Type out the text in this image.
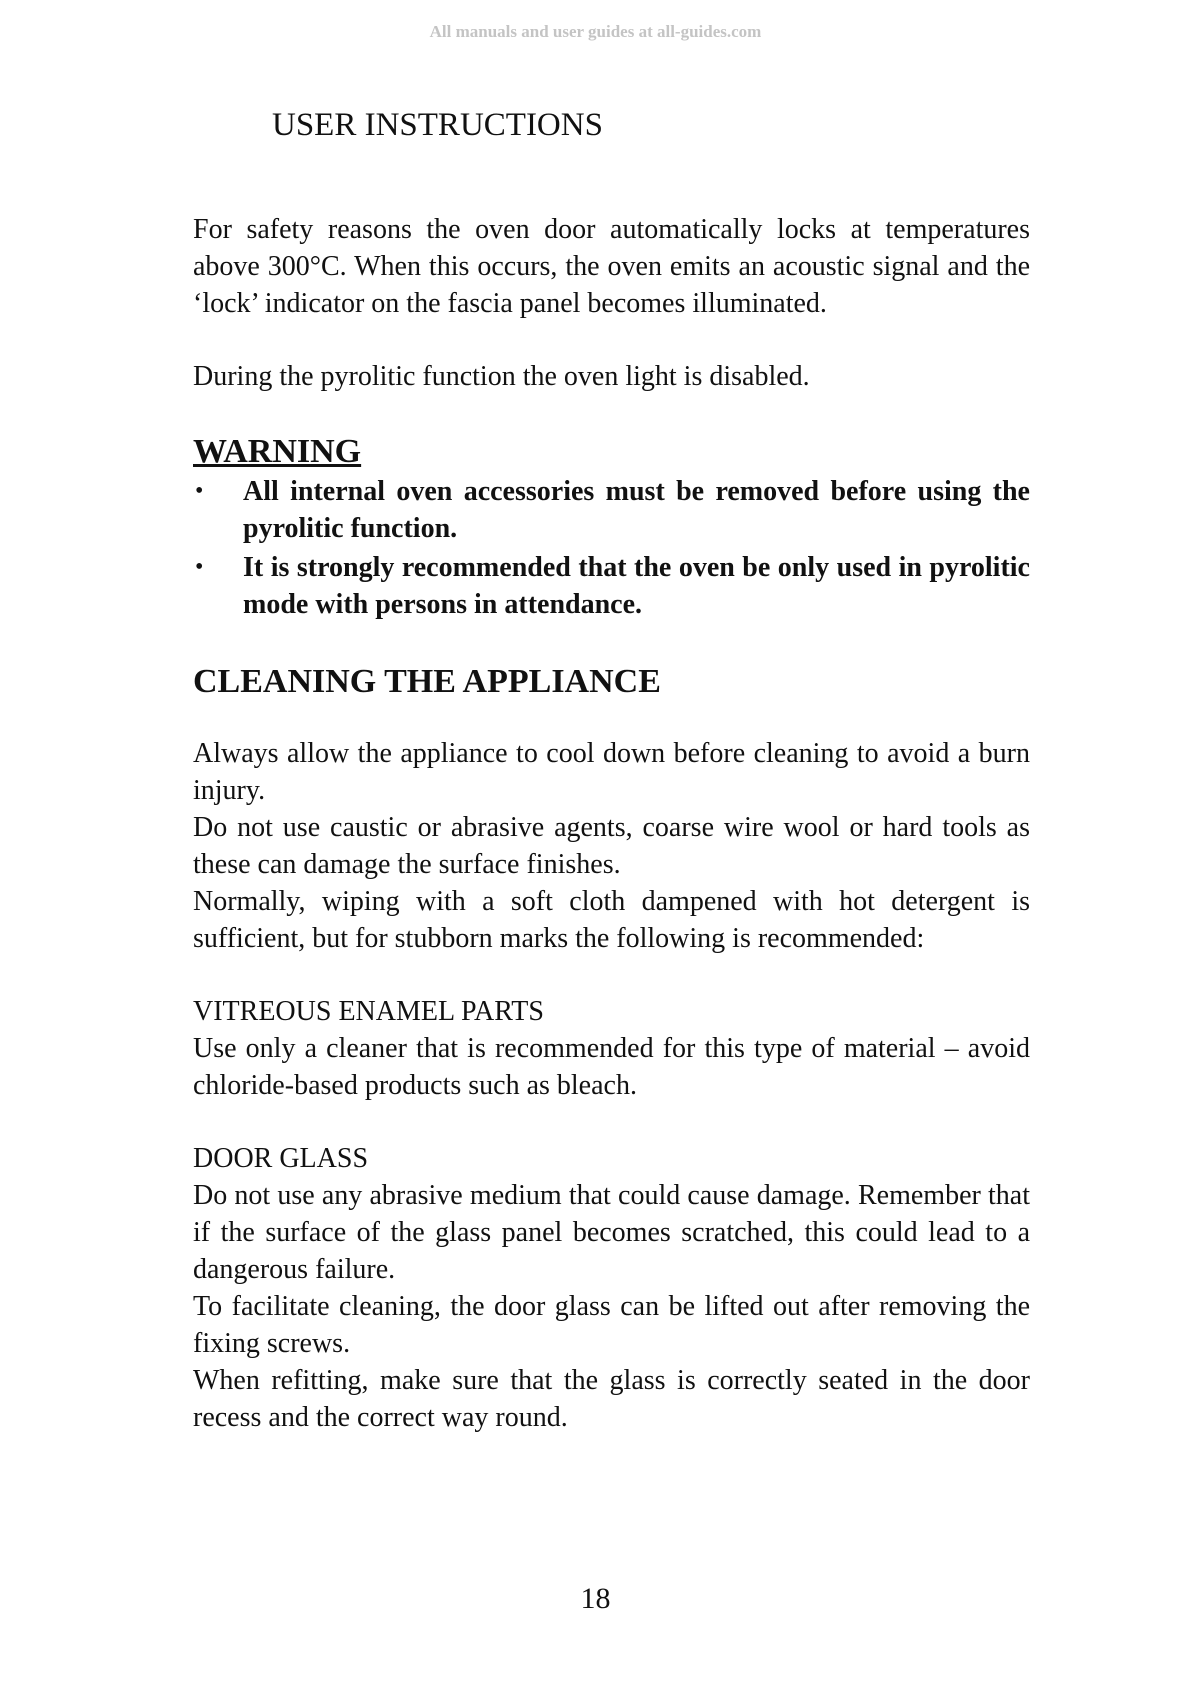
All manuals and user guides at all-guides.com
USER INSTRUCTIONS

For safety reasons the oven door automatically locks at temperatures above 300°C. When this occurs, the oven emits an acoustic signal and the ‘lock’ indicator on the fascia panel becomes illuminated.

During the pyrolitic function the oven light is disabled.

WARNING
• All internal oven accessories must be removed before using the pyrolitic function.
• It is strongly recommended that the oven be only used in pyrolitic mode with persons in attendance.
CLEANING THE APPLIANCE

Always allow the appliance to cool down before cleaning to avoid a burn injury.

Do not use caustic or abrasive agents, coarse wire wool or hard tools as these can damage the surface finishes.

Normally, wiping with a soft cloth dampened with hot detergent is sufficient, but for stubborn marks the following is recommended:

VITREOUS ENAMEL PARTS

Use only a cleaner that is recommended for this type of material – avoid chloride-based products such as bleach.

DOOR GLASS

Do not use any abrasive medium that could cause damage. Remember that if the surface of the glass panel becomes scratched, this could lead to a dangerous failure.

To facilitate cleaning, the door glass can be lifted out after removing the fixing screws.

When refitting, make sure that the glass is correctly seated in the door recess and the correct way round.

18
